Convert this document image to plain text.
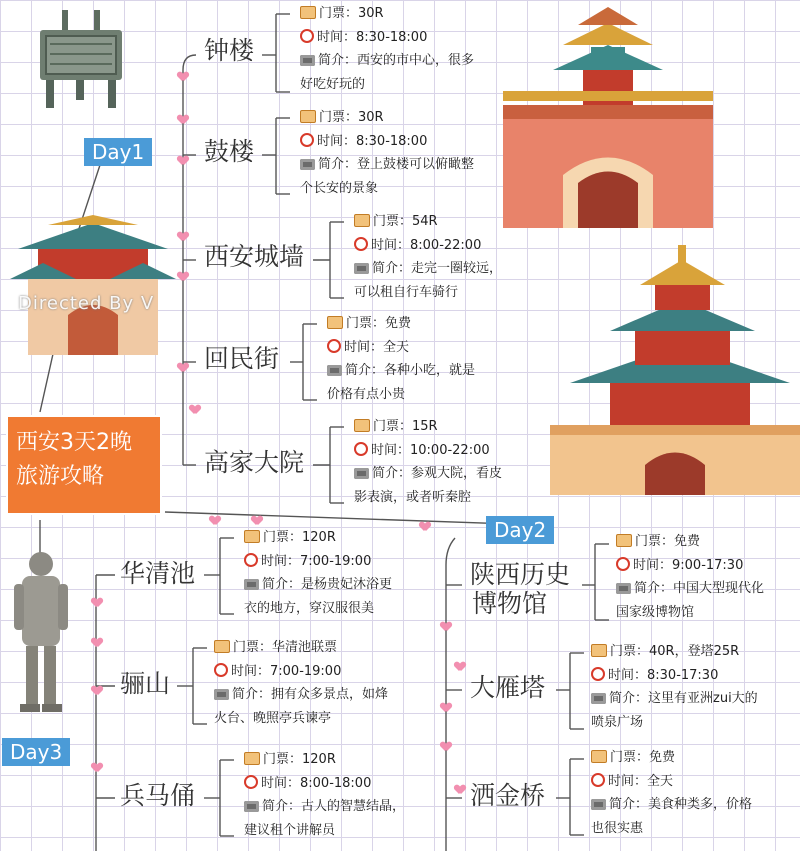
Directed By V
Day1
Day2
Day3
西安3天2晚
旅游攻略
钟楼
门票：30R
时间：8:30-18:00
简介：西安的市中心，很多
好吃好玩的
鼓楼
门票：30R
时间：8:30-18:00
简介：登上鼓楼可以俯瞰整
个长安的景象
西安城墙
门票：54R
时间：8:00-22:00
简介：走完一圈较远，
可以租自行车骑行
回民街
门票：免费
时间：全天
简介：各种小吃，就是
价格有点小贵
高家大院
门票：15R
时间：10:00-22:00
简介：参观大院，看皮
影表演，或者听秦腔
华清池
门票：120R
时间：7:00-19:00
简介：是杨贵妃沐浴更
衣的地方，穿汉服很美
骊山
门票：华清池联票
时间：7:00-19:00
简介：拥有众多景点，如烽
火台、晚照亭兵谏亭
兵马俑
门票：120R
时间：8:00-18:00
简介：古人的智慧结晶，
建议租个讲解员
陕西历史
博物馆
门票：免费
时间：9:00-17:30
简介：中国大型现代化
国家级博物馆
大雁塔
门票：40R，登塔25R
时间：8:30-17:30
简介：这里有亚洲zui大的
喷泉广场
洒金桥
门票：免费
时间：全天
简介：美食种类多，价格
也很实惠
